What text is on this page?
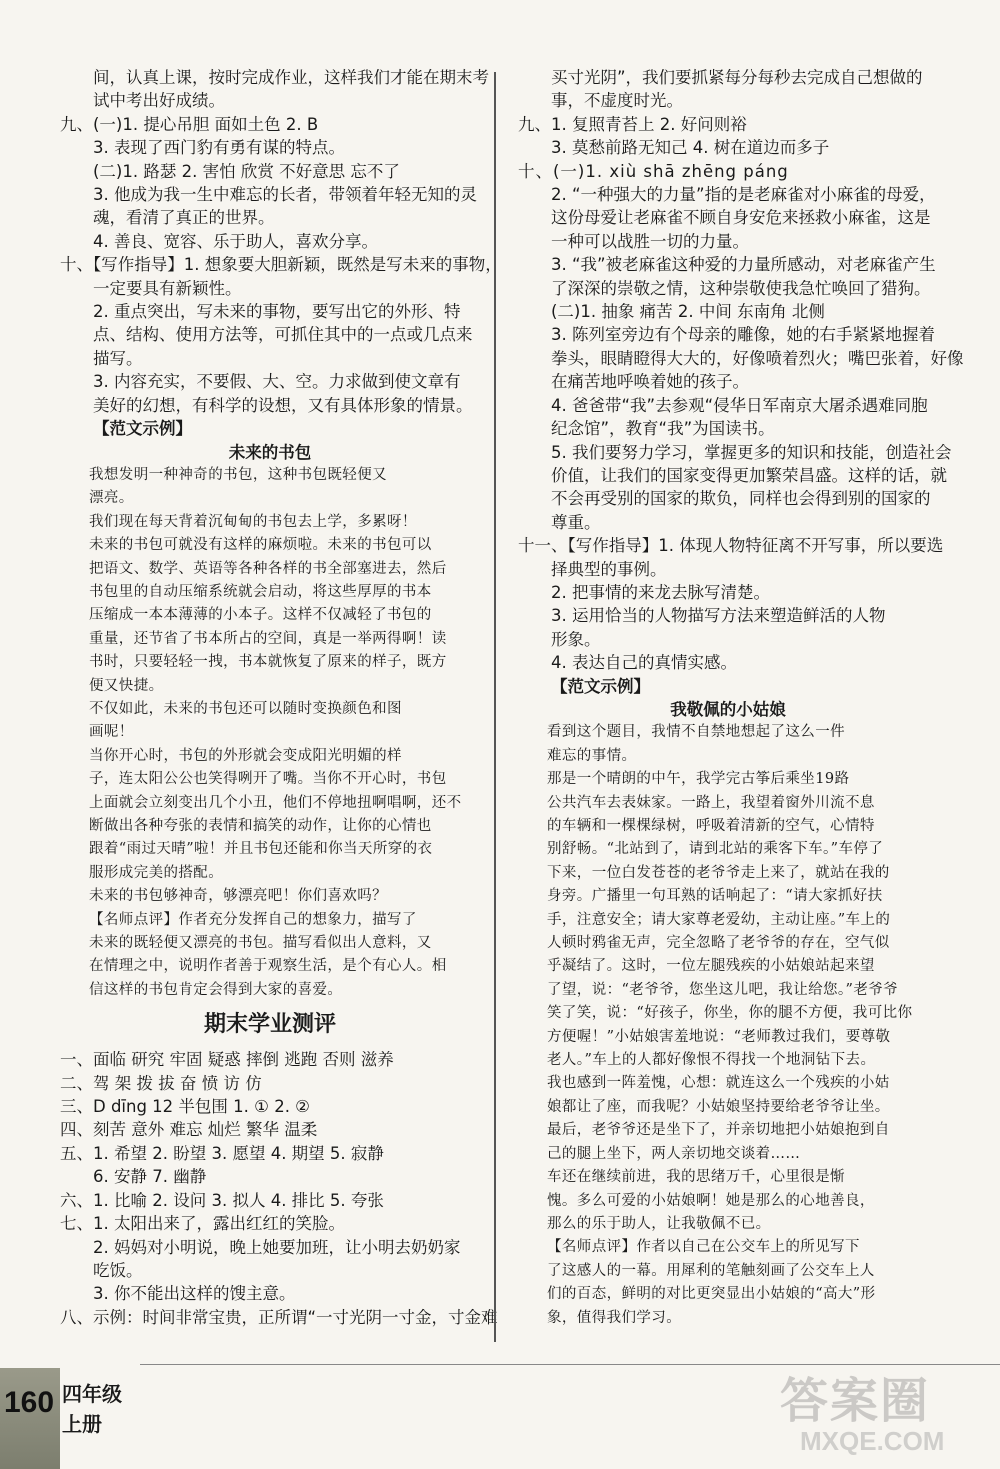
间，认真上课，按时完成作业，这样我们才能在期末考

试中考出好成绩。

九、(一)1. 提心吊胆 面如土色 2. B

3. 表现了西门豹有勇有谋的特点。

(二)1. 路瑟 2. 害怕 欣赏 不好意思 忘不了

3. 他成为我一生中难忘的长者，带领着年轻无知的灵

魂，看清了真正的世界。

4. 善良、宽容、乐于助人，喜欢分享。

十、【写作指导】1. 想象要大胆新颖，既然是写未来的事物，

一定要具有新颖性。

2. 重点突出，写未来的事物，要写出它的外形、特

点、结构、使用方法等，可抓住其中的一点或几点来

描写。

3. 内容充实，不要假、大、空。力求做到使文章有

美好的幻想，有科学的设想，又有具体形象的情景。

【范文示例】

未来的书包

我想发明一种神奇的书包，这种书包既轻便又

漂亮。

我们现在每天背着沉甸甸的书包去上学，多累呀！

未来的书包可就没有这样的麻烦啦。未来的书包可以

把语文、数学、英语等各种各样的书全部塞进去，然后

书包里的自动压缩系统就会启动，将这些厚厚的书本

压缩成一本本薄薄的小本子。这样不仅减轻了书包的

重量，还节省了书本所占的空间，真是一举两得啊！读

书时，只要轻轻一拽，书本就恢复了原来的样子，既方

便又快捷。

不仅如此，未来的书包还可以随时变换颜色和图

画呢！

当你开心时，书包的外形就会变成阳光明媚的样

子，连太阳公公也笑得咧开了嘴。当你不开心时，书包

上面就会立刻变出几个小丑，他们不停地扭啊唱啊，还不

断做出各种夸张的表情和搞笑的动作，让你的心情也

跟着“雨过天晴”啦！并且书包还能和你当天所穿的衣

服形成完美的搭配。

未来的书包够神奇，够漂亮吧！你们喜欢吗？

【名师点评】作者充分发挥自己的想象力，描写了

未来的既轻便又漂亮的书包。描写看似出人意料，又

在情理之中，说明作者善于观察生活，是个有心人。相

信这样的书包肯定会得到大家的喜爱。

期末学业测评

一、面临 研究 牢固 疑惑 摔倒 逃跑 否则 滋养

二、驾 架 拨 拔 奋 愤 访 仿

三、D dīng 12 半包围 1. ① 2. ②

四、刻苦 意外 难忘 灿烂 繁华 温柔

五、1. 希望 2. 盼望 3. 愿望 4. 期望 5. 寂静

6. 安静 7. 幽静

六、1. 比喻 2. 设问 3. 拟人 4. 排比 5. 夸张

七、1. 太阳出来了，露出红红的笑脸。

2. 妈妈对小明说，晚上她要加班，让小明去奶奶家

吃饭。

3. 你不能出这样的馊主意。

八、示例：时间非常宝贵，正所谓“一寸光阴一寸金，寸金难

买寸光阴”，我们要抓紧每分每秒去完成自己想做的

事，不虚度时光。

九、1. 复照青苔上 2. 好问则裕

3. 莫愁前路无知己 4. 树在道边而多子

十、(一)1. xiù shā zhēng páng

2. “一种强大的力量”指的是老麻雀对小麻雀的母爱，

这份母爱让老麻雀不顾自身安危来拯救小麻雀，这是

一种可以战胜一切的力量。

3. “我”被老麻雀这种爱的力量所感动，对老麻雀产生

了深深的崇敬之情，这种崇敬使我急忙唤回了猎狗。

(二)1. 抽象 痛苦 2. 中间 东南角 北侧

3. 陈列室旁边有个母亲的雕像，她的右手紧紧地握着

拳头，眼睛瞪得大大的，好像喷着烈火；嘴巴张着，好像

在痛苦地呼唤着她的孩子。

4. 爸爸带“我”去参观“侵华日军南京大屠杀遇难同胞

纪念馆”，教育“我”为国读书。

5. 我们要努力学习，掌握更多的知识和技能，创造社会

价值，让我们的国家变得更加繁荣昌盛。这样的话，就

不会再受别的国家的欺负，同样也会得到别的国家的

尊重。

十一、【写作指导】1. 体现人物特征离不开写事，所以要选

择典型的事例。

2. 把事情的来龙去脉写清楚。

3. 运用恰当的人物描写方法来塑造鲜活的人物

形象。

4. 表达自己的真情实感。

【范文示例】

我敬佩的小姑娘

看到这个题目，我情不自禁地想起了这么一件

难忘的事情。

那是一个晴朗的中午，我学完古筝后乘坐19路

公共汽车去表妹家。一路上，我望着窗外川流不息

的车辆和一棵棵绿树，呼吸着清新的空气，心情特

别舒畅。“北站到了，请到北站的乘客下车。”车停了

下来，一位白发苍苍的老爷爷走上来了，就站在我的

身旁。广播里一句耳熟的话响起了：“请大家抓好扶

手，注意安全；请大家尊老爱幼，主动让座。”车上的

人顿时鸦雀无声，完全忽略了老爷爷的存在，空气似

乎凝结了。这时，一位左腿残疾的小姑娘站起来望

了望，说：“老爷爷，您坐这儿吧，我让给您。”老爷爷

笑了笑，说：“好孩子，你坐，你的腿不方便，我可比你

方便喔！”小姑娘害羞地说：“老师教过我们，要尊敬

老人。”车上的人都好像恨不得找一个地洞钻下去。

我也感到一阵羞愧，心想：就连这么一个残疾的小姑

娘都让了座，而我呢？小姑娘坚持要给老爷爷让坐。

最后，老爷爷还是坐下了，并亲切地把小姑娘抱到自

己的腿上坐下，两人亲切地交谈着……

车还在继续前进，我的思绪万千，心里很是惭

愧。多么可爱的小姑娘啊！她是那么的心地善良，

那么的乐于助人，让我敬佩不已。

【名师点评】作者以自己在公交车上的所见写下

了这感人的一幕。用犀利的笔触刻画了公交车上人

们的百态，鲜明的对比更突显出小姑娘的“高大”形

象，值得我们学习。

160 四年级
上册	答案圈
MXQE.COM
